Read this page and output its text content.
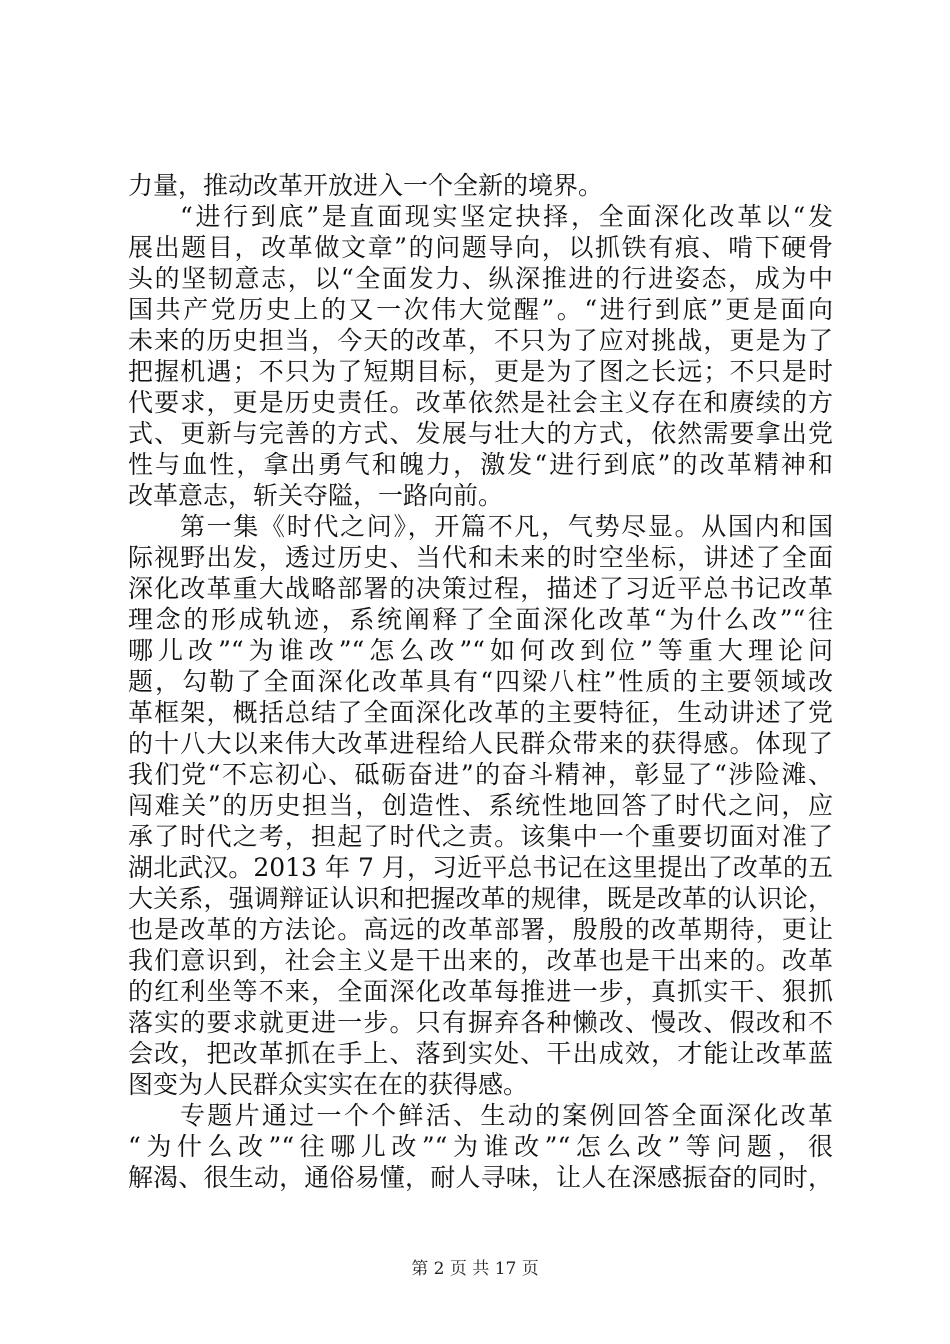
力量，推动改革开放进入一个全新的境界。
“进行到底”是直面现实坚定抉择，全面深化改革以“发
展出题目，改革做文章”的问题导向，以抓铁有痕、啃下硬骨
头的坚韧意志，以“全面发力、纵深推进的行进姿态，成为中
国共产党历史上的又一次伟大觉醒”。“进行到底”更是面向
未来的历史担当，今天的改革，不只为了应对挑战，更是为了
把握机遇；不只为了短期目标，更是为了图之长远；不只是时
代要求，更是历史责任。改革依然是社会主义存在和赓续的方
式、更新与完善的方式、发展与壮大的方式，依然需要拿出党
性与血性，拿出勇气和魄力，激发“进行到底”的改革精神和
改革意志，斩关夺隘，一路向前。
第一集《时代之问》，开篇不凡，气势尽显。从国内和国
际视野出发，透过历史、当代和未来的时空坐标，讲述了全面
深化改革重大战略部署的决策过程，描述了习近平总书记改革
理念的形成轨迹，系统阐释了全面深化改革“为什么改”“往
哪儿改”“为谁改”“怎么改”“如何改到位”等重大理论问
题，勾勒了全面深化改革具有“四梁八柱”性质的主要领域改
革框架，概括总结了全面深化改革的主要特征，生动讲述了党
的十八大以来伟大改革进程给人民群众带来的获得感。体现了
我们党“不忘初心、砥砺奋进”的奋斗精神，彰显了“涉险滩、
闯难关”的历史担当，创造性、系统性地回答了时代之问，应
承了时代之考，担起了时代之责。该集中一个重要切面对准了
湖北武汉。2013 年 7 月，习近平总书记在这里提出了改革的五
大关系，强调辩证认识和把握改革的规律，既是改革的认识论，
也是改革的方法论。高远的改革部署，殷殷的改革期待，更让
我们意识到，社会主义是干出来的，改革也是干出来的。改革
的红利坐等不来，全面深化改革每推进一步，真抓实干、狠抓
落实的要求就更进一步。只有摒弃各种懒改、慢改、假改和不
会改，把改革抓在手上、落到实处、干出成效，才能让改革蓝
图变为人民群众实实在在的获得感。
专题片通过一个个鲜活、生动的案例回答全面深化改革
“为什么改”“往哪儿改”“为谁改”“怎么改”等问题，很
解渴、很生动，通俗易懂，耐人寻味，让人在深感振奋的同时，
第 2 页 共 17 页
